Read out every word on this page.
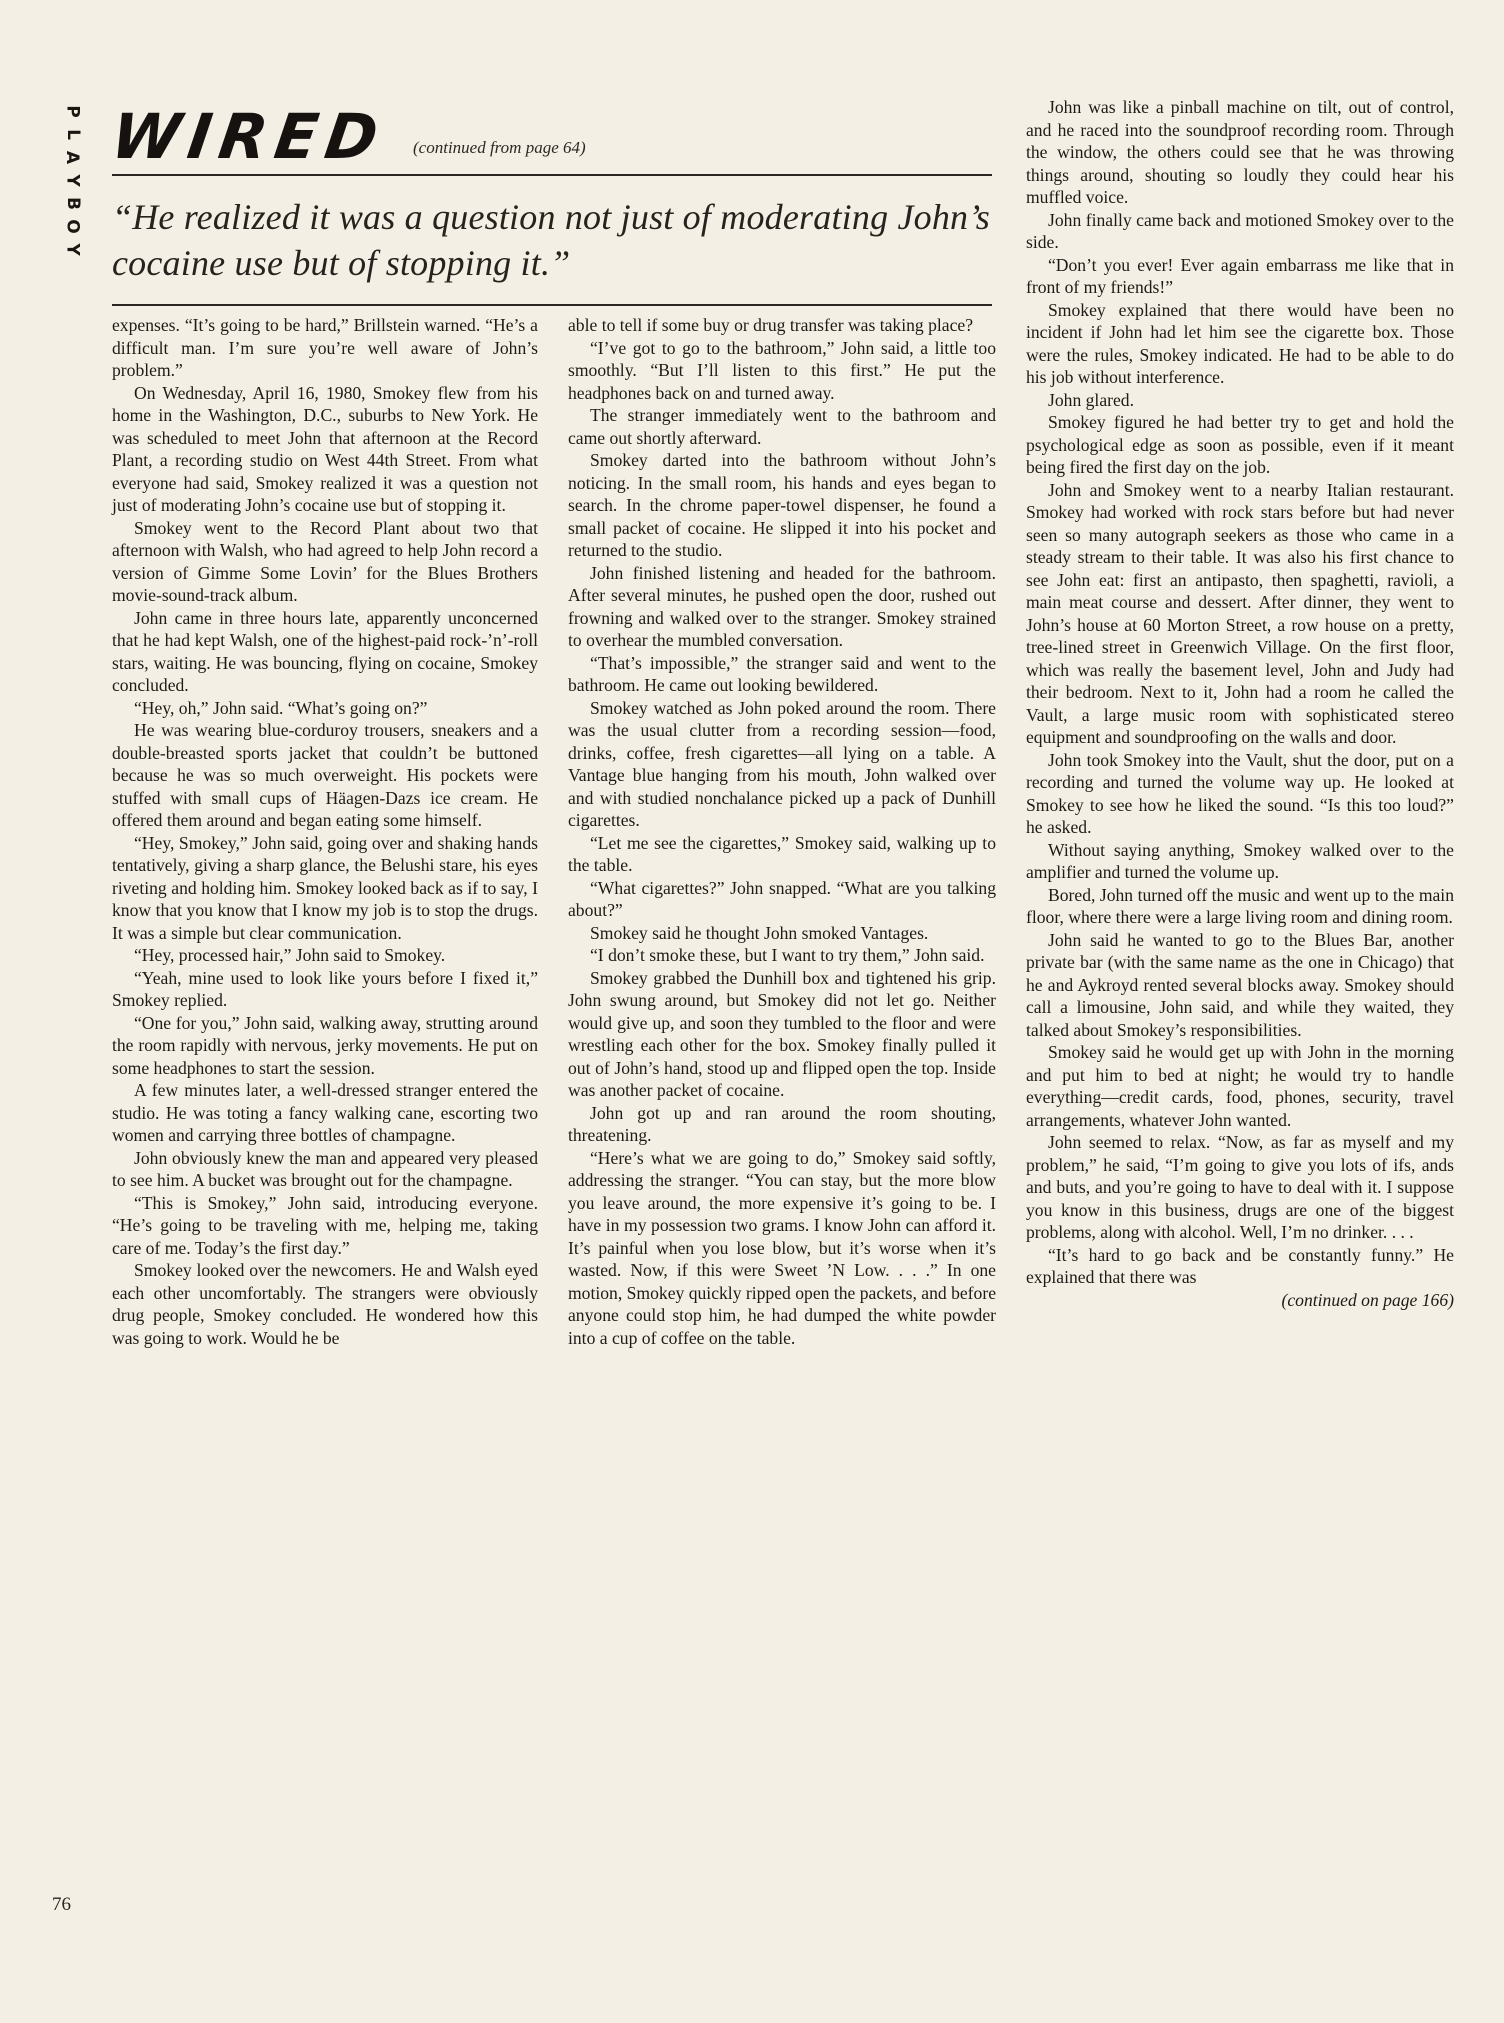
P
L
A
Y
B
O
Y
WIRED (continued from page 64)
“He realized it was a question not just of moderating John’s cocaine use but of stopping it.”

expenses. “It’s going to be hard,” Brillstein warned. “He’s a difficult man. I’m sure you’re well aware of John’s problem.”

On Wednesday, April 16, 1980, Smokey flew from his home in the Washington, D.C., suburbs to New York. He was scheduled to meet John that afternoon at the Record Plant, a recording studio on West 44th Street. From what everyone had said, Smokey realized it was a question not just of moderating John’s cocaine use but of stopping it.

Smokey went to the Record Plant about two that afternoon with Walsh, who had agreed to help John record a version of Gimme Some Lovin’ for the Blues Brothers movie-sound-track album.

John came in three hours late, apparently unconcerned that he had kept Walsh, one of the highest-paid rock-’n’-roll stars, waiting. He was bouncing, flying on cocaine, Smokey concluded.

“Hey, oh,” John said. “What’s going on?”

He was wearing blue-corduroy trousers, sneakers and a double-breasted sports jacket that couldn’t be buttoned because he was so much overweight. His pockets were stuffed with small cups of Häagen-Dazs ice cream. He offered them around and began eating some himself.

“Hey, Smokey,” John said, going over and shaking hands tentatively, giving a sharp glance, the Belushi stare, his eyes riveting and holding him. Smokey looked back as if to say, I know that you know that I know my job is to stop the drugs. It was a simple but clear communication.

“Hey, processed hair,” John said to Smokey.

“Yeah, mine used to look like yours before I fixed it,” Smokey replied.

“One for you,” John said, walking away, strutting around the room rapidly with nervous, jerky movements. He put on some headphones to start the session.

A few minutes later, a well-dressed stranger entered the studio. He was toting a fancy walking cane, escorting two women and carrying three bottles of champagne.

John obviously knew the man and appeared very pleased to see him. A bucket was brought out for the champagne.

“This is Smokey,” John said, introducing everyone. “He’s going to be traveling with me, helping me, taking care of me. Today’s the first day.”

Smokey looked over the newcomers. He and Walsh eyed each other uncomfortably. The strangers were obviously drug people, Smokey concluded. He wondered how this was going to work. Would he be

able to tell if some buy or drug transfer was taking place?

“I’ve got to go to the bathroom,” John said, a little too smoothly. “But I’ll listen to this first.” He put the headphones back on and turned away.

The stranger immediately went to the bathroom and came out shortly afterward.

Smokey darted into the bathroom without John’s noticing. In the small room, his hands and eyes began to search. In the chrome paper-towel dispenser, he found a small packet of cocaine. He slipped it into his pocket and returned to the studio.

John finished listening and headed for the bathroom. After several minutes, he pushed open the door, rushed out frowning and walked over to the stranger. Smokey strained to overhear the mumbled conversation.

“That’s impossible,” the stranger said and went to the bathroom. He came out looking bewildered.

Smokey watched as John poked around the room. There was the usual clutter from a recording session—food, drinks, coffee, fresh cigarettes—all lying on a table. A Vantage blue hanging from his mouth, John walked over and with studied nonchalance picked up a pack of Dunhill cigarettes.

“Let me see the cigarettes,” Smokey said, walking up to the table.

“What cigarettes?” John snapped. “What are you talking about?”

Smokey said he thought John smoked Vantages.

“I don’t smoke these, but I want to try them,” John said.

Smokey grabbed the Dunhill box and tightened his grip. John swung around, but Smokey did not let go. Neither would give up, and soon they tumbled to the floor and were wrestling each other for the box. Smokey finally pulled it out of John’s hand, stood up and flipped open the top. Inside was another packet of cocaine.

John got up and ran around the room shouting, threatening.

“Here’s what we are going to do,” Smokey said softly, addressing the stranger. “You can stay, but the more blow you leave around, the more expensive it’s going to be. I have in my possession two grams. I know John can afford it. It’s painful when you lose blow, but it’s worse when it’s wasted. Now, if this were Sweet ’N Low. . . .” In one motion, Smokey quickly ripped open the packets, and before anyone could stop him, he had dumped the white powder into a cup of coffee on the table.

John was like a pinball machine on tilt, out of control, and he raced into the soundproof recording room. Through the window, the others could see that he was throwing things around, shouting so loudly they could hear his muffled voice.

John finally came back and motioned Smokey over to the side.

“Don’t you ever! Ever again embarrass me like that in front of my friends!”

Smokey explained that there would have been no incident if John had let him see the cigarette box. Those were the rules, Smokey indicated. He had to be able to do his job without interference.

John glared.

Smokey figured he had better try to get and hold the psychological edge as soon as possible, even if it meant being fired the first day on the job.

John and Smokey went to a nearby Italian restaurant. Smokey had worked with rock stars before but had never seen so many autograph seekers as those who came in a steady stream to their table. It was also his first chance to see John eat: first an antipasto, then spaghetti, ravioli, a main meat course and dessert. After dinner, they went to John’s house at 60 Morton Street, a row house on a pretty, tree-lined street in Greenwich Village. On the first floor, which was really the basement level, John and Judy had their bedroom. Next to it, John had a room he called the Vault, a large music room with sophisticated stereo equipment and soundproofing on the walls and door.

John took Smokey into the Vault, shut the door, put on a recording and turned the volume way up. He looked at Smokey to see how he liked the sound. “Is this too loud?” he asked.

Without saying anything, Smokey walked over to the amplifier and turned the volume up.

Bored, John turned off the music and went up to the main floor, where there were a large living room and dining room.

John said he wanted to go to the Blues Bar, another private bar (with the same name as the one in Chicago) that he and Aykroyd rented several blocks away. Smokey should call a limousine, John said, and while they waited, they talked about Smokey’s responsibilities.

Smokey said he would get up with John in the morning and put him to bed at night; he would try to handle everything—credit cards, food, phones, security, travel arrangements, whatever John wanted.

John seemed to relax. “Now, as far as myself and my problem,” he said, “I’m going to give you lots of ifs, ands and buts, and you’re going to have to deal with it. I suppose you know in this business, drugs are one of the biggest problems, along with alcohol. Well, I’m no drinker. . . .

“It’s hard to go back and be constantly funny.” He explained that there was

(continued on page 166)
76
